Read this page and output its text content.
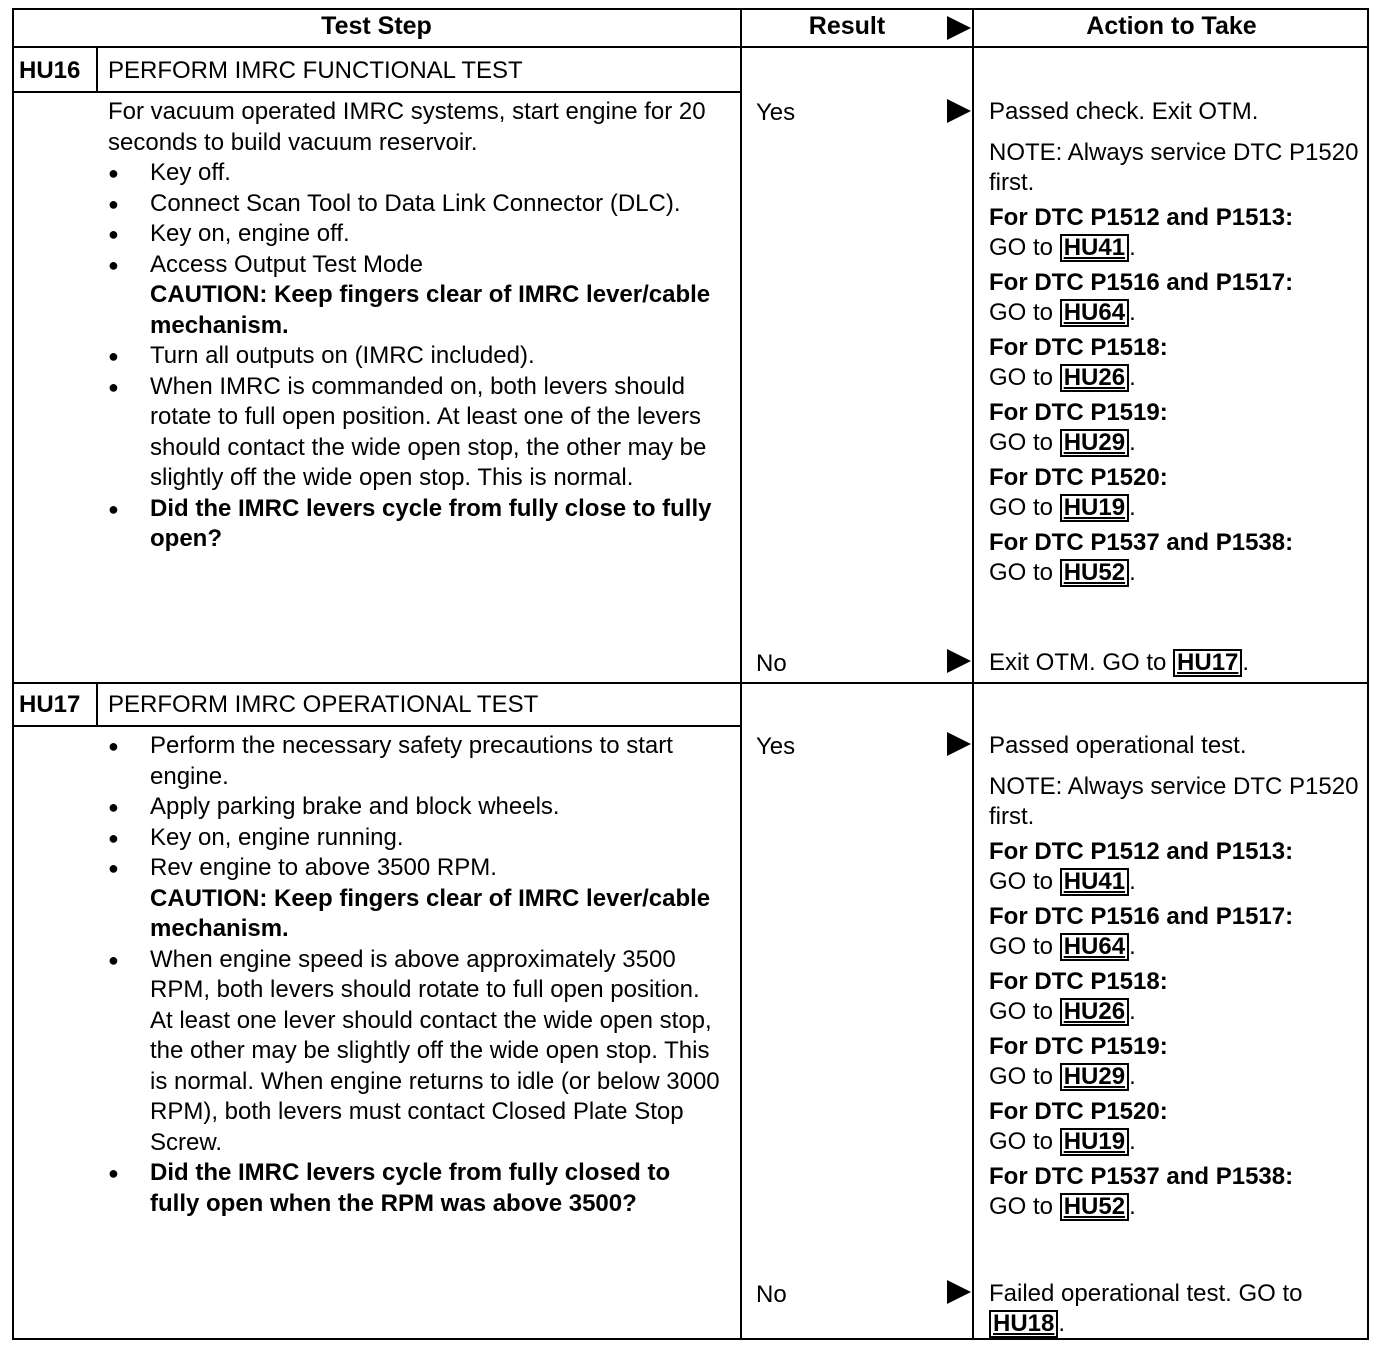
Test Step	Result	Action to Take
HU16 PERFORM IMRC FUNCTIONAL TEST

For vacuum operated IMRC systems, start engine for 20 seconds to build vacuum reservoir.

● Key off.
● Connect Scan Tool to Data Link Connector (DLC).
● Key on, engine off.
● Access Output Test Mode

CAUTION: Keep fingers clear of IMRC lever/cable mechanism.

● Turn all outputs on (IMRC included).
● When IMRC is commanded on, both levers should rotate to full open position. At least one of the levers should contact the wide open stop, the other may be slightly off the wide open stop. This is normal.
● Did the IMRC levers cycle from fully close to fully open?
Yes
No

Passed check. Exit OTM.

NOTE: Always service DTC P1520 first.

For DTC P1512 and P1513:

GO to HU41 .

For DTC P1516 and P1517:

GO to HU64 .

For DTC P1518:

GO to HU26 .

For DTC P1519:

GO to HU29 .

For DTC P1520:

GO to HU19 .

For DTC P1537 and P1538:

GO to HU52 .

Exit OTM. GO to HU17 .

HU17 PERFORM IMRC OPERATIONAL TEST
● Perform the necessary safety precautions to start engine.
● Apply parking brake and block wheels.
● Key on, engine running.
● Rev engine to above 3500 RPM.

CAUTION: Keep fingers clear of IMRC lever/cable mechanism.

● When engine speed is above approximately 3500 RPM, both levers should rotate to full open position. At least one lever should contact the wide open stop, the other may be slightly off the wide open stop. This is normal. When engine returns to idle (or below 3000 RPM), both levers must contact Closed Plate Stop Screw.
● Did the IMRC levers cycle from fully closed to fully open when the RPM was above 3500?
Yes
No

Passed operational test.

NOTE: Always service DTC P1520 first.

For DTC P1512 and P1513:

GO to HU41 .

For DTC P1516 and P1517:

GO to HU64 .

For DTC P1518:

GO to HU26 .

For DTC P1519:

GO to HU29 .

For DTC P1520:

GO to HU19 .

For DTC P1537 and P1538:

GO to HU52 .

Failed operational test. GO to HU18 .
